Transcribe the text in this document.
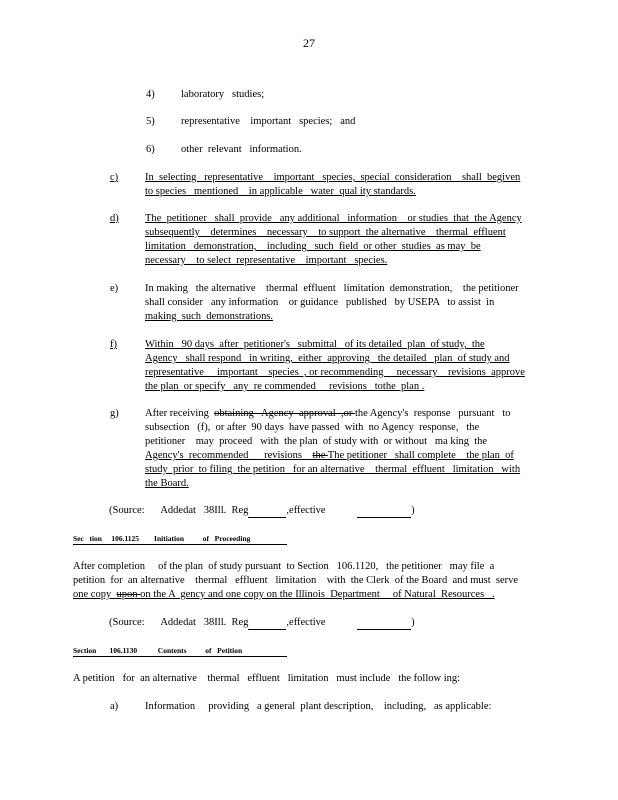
27
4)	laboratory   studies;
5)	representative    important   species;   and
6)	other  relevant   information.
c)	In  selecting   representative    important   species,  special  consideration    shall  begiven
to species   mentioned    in applicable   water  qual ity standards.
d)	The  petitioner   shall  provide   any additional   information    or studies  that  the Agency
subsequently    determines    necessary    to support  the alternative    thermal  effluent
limitation   demonstration,    including   such  field  or other  studies  as may  be
necessary    to select  representative    important   species.
e)	In making   the alternative    thermal  effluent   limitation  demonstration,    the petitioner
shall consider   any information    or guidance   published   by USEPA   to assist  in
making  such  demonstrations.
f)	Within   90 days  after  petitioner's   submittal   of its detailed  plan  of study,  the
Agency   shall respond   in writing,  either  approving   the detailed   plan  of study and
representative     important    species  , or recommending     necessary    revisions  approve
the plan  or specify   any  re commended     revisions   tothe  plan .
g)	After receiving  obtaining   Agency  approval  ,or the Agency's  response   pursuant   to
subsection   (f),  or after  90 days  have passed  with  no Agency  response,   the
petitioner    may  proceed   with  the plan  of study with  or without   ma king  the
Agency's  recommended      revisions    the The petitioner   shall complete    the plan  of
study  prior  to filing  the petition   for an alternative    thermal  effluent   limitation   with
the Board.
(Source: Addedat   38Ill.  Reg	,effective	)
Sec   tion     106.1125        Initiation          of   Proceeding
After completion     of the plan  of study pursuant  to Section   106.1120,   the petitioner   may file  a
petition  for  an alternative    thermal   effluent   limitation    with  the Clerk  of the Board  and must  serve
one copy  upon on the A  gency and one copy on the Illinois  Department     of Natural  Resources   .
(Source: Addedat   38Ill.  Reg	,effective	)
Section       106.1130           Contents          of   Petition
A petition   for  an alternative    thermal   effluent   limitation   must include   the follow ing:
a)	Information     providing   a general  plant description,    including,   as applicable:
